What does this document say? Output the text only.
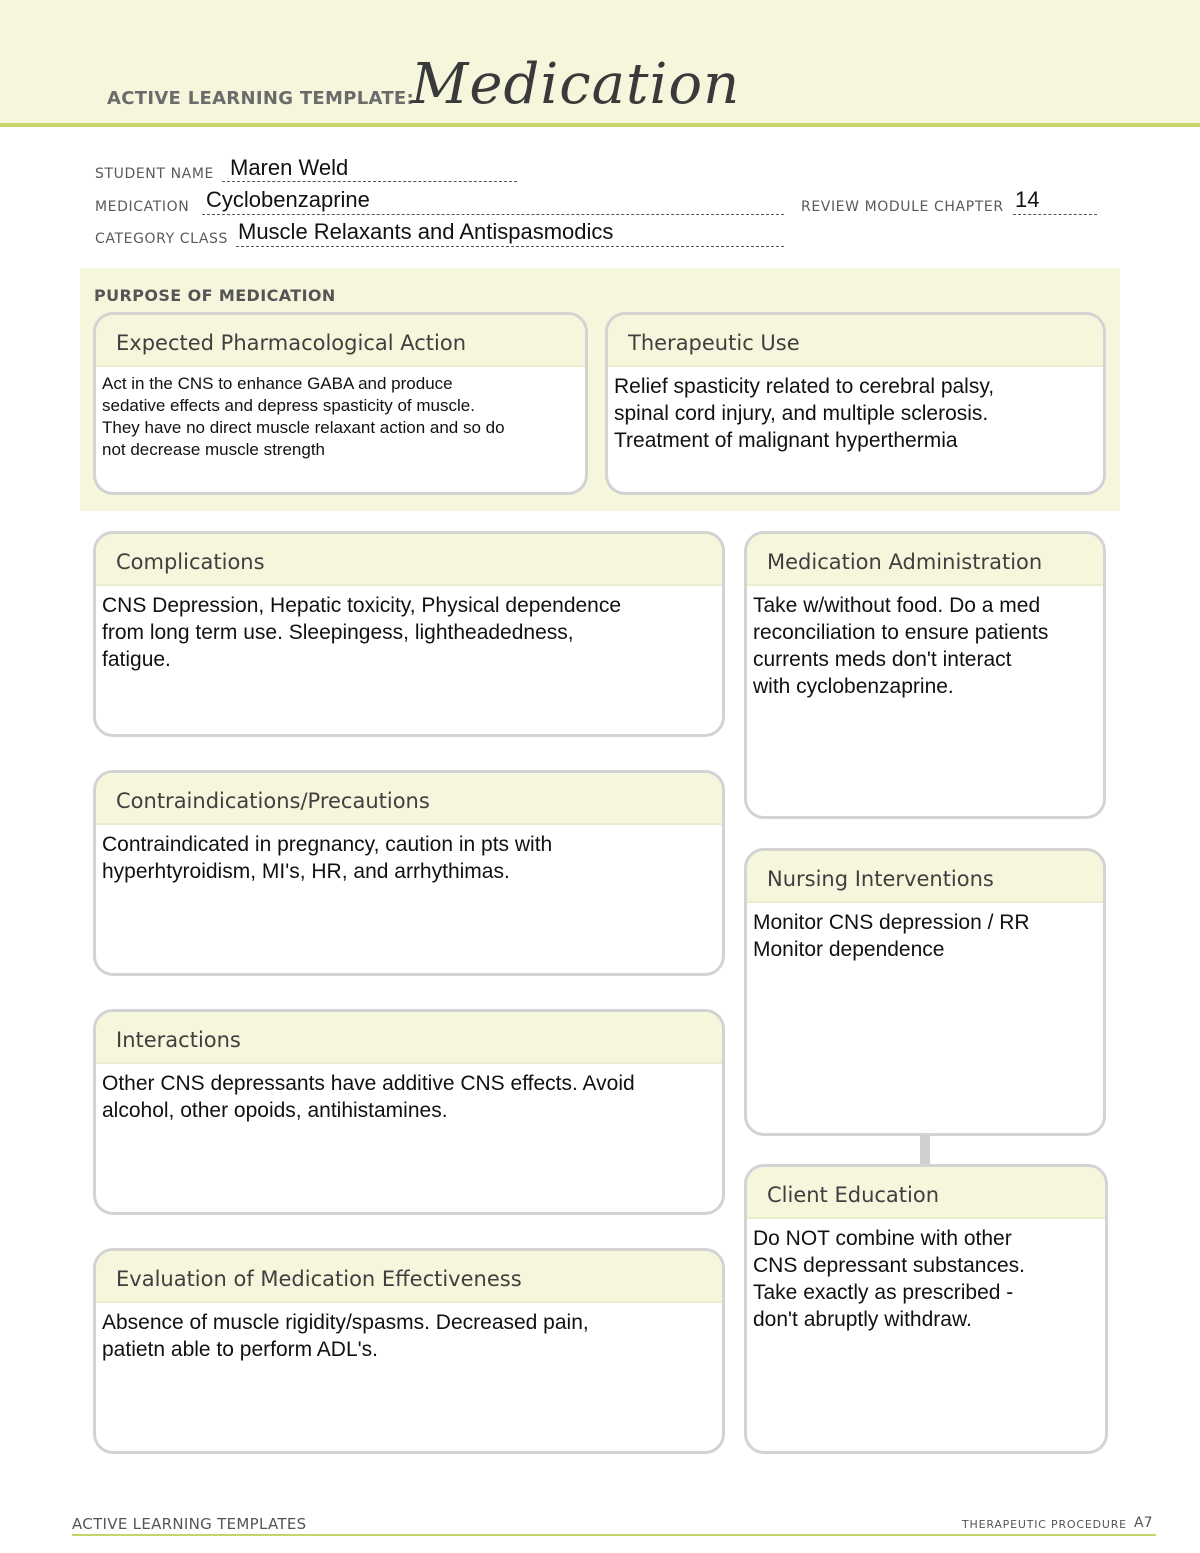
ACTIVE LEARNING TEMPLATE:
Medication
STUDENT NAME Maren Weld
MEDICATION Cyclobenzaprine	REVIEW MODULE CHAPTER 14
CATEGORY CLASS Muscle Relaxants and Antispasmodics
PURPOSE OF MEDICATION
Expected Pharmacological Action
Act in the CNS to enhance GABA and produce
sedative effects and depress spasticity of muscle.
They have no direct muscle relaxant action and so do
not decrease muscle strength
Therapeutic Use
Relief spasticity related to cerebral palsy,
spinal cord injury, and multiple sclerosis.
Treatment of malignant hyperthermia
Complications
CNS Depression, Hepatic toxicity, Physical dependence
from long term use. Sleepingess, lightheadedness,
fatigue.
Contraindications/Precautions
Contraindicated in pregnancy, caution in pts with
hyperhtyroidism, MI's, HR, and arrhythimas.
Interactions
Other CNS depressants have additive CNS effects. Avoid
alcohol, other opoids, antihistamines.
Evaluation of Medication Effectiveness
Absence of muscle rigidity/spasms. Decreased pain,
patietn able to perform ADL's.
Medication Administration
Take w/without food. Do a med
reconciliation to ensure patients
currents meds don't interact
with cyclobenzaprine.
Nursing Interventions
Monitor CNS depression / RR
Monitor dependence
Client Education
Do NOT combine with other
CNS depressant substances.
Take exactly as prescribed -
don't abruptly withdraw.
ACTIVE LEARNING TEMPLATES	THERAPEUTIC PROCEDURE A7
